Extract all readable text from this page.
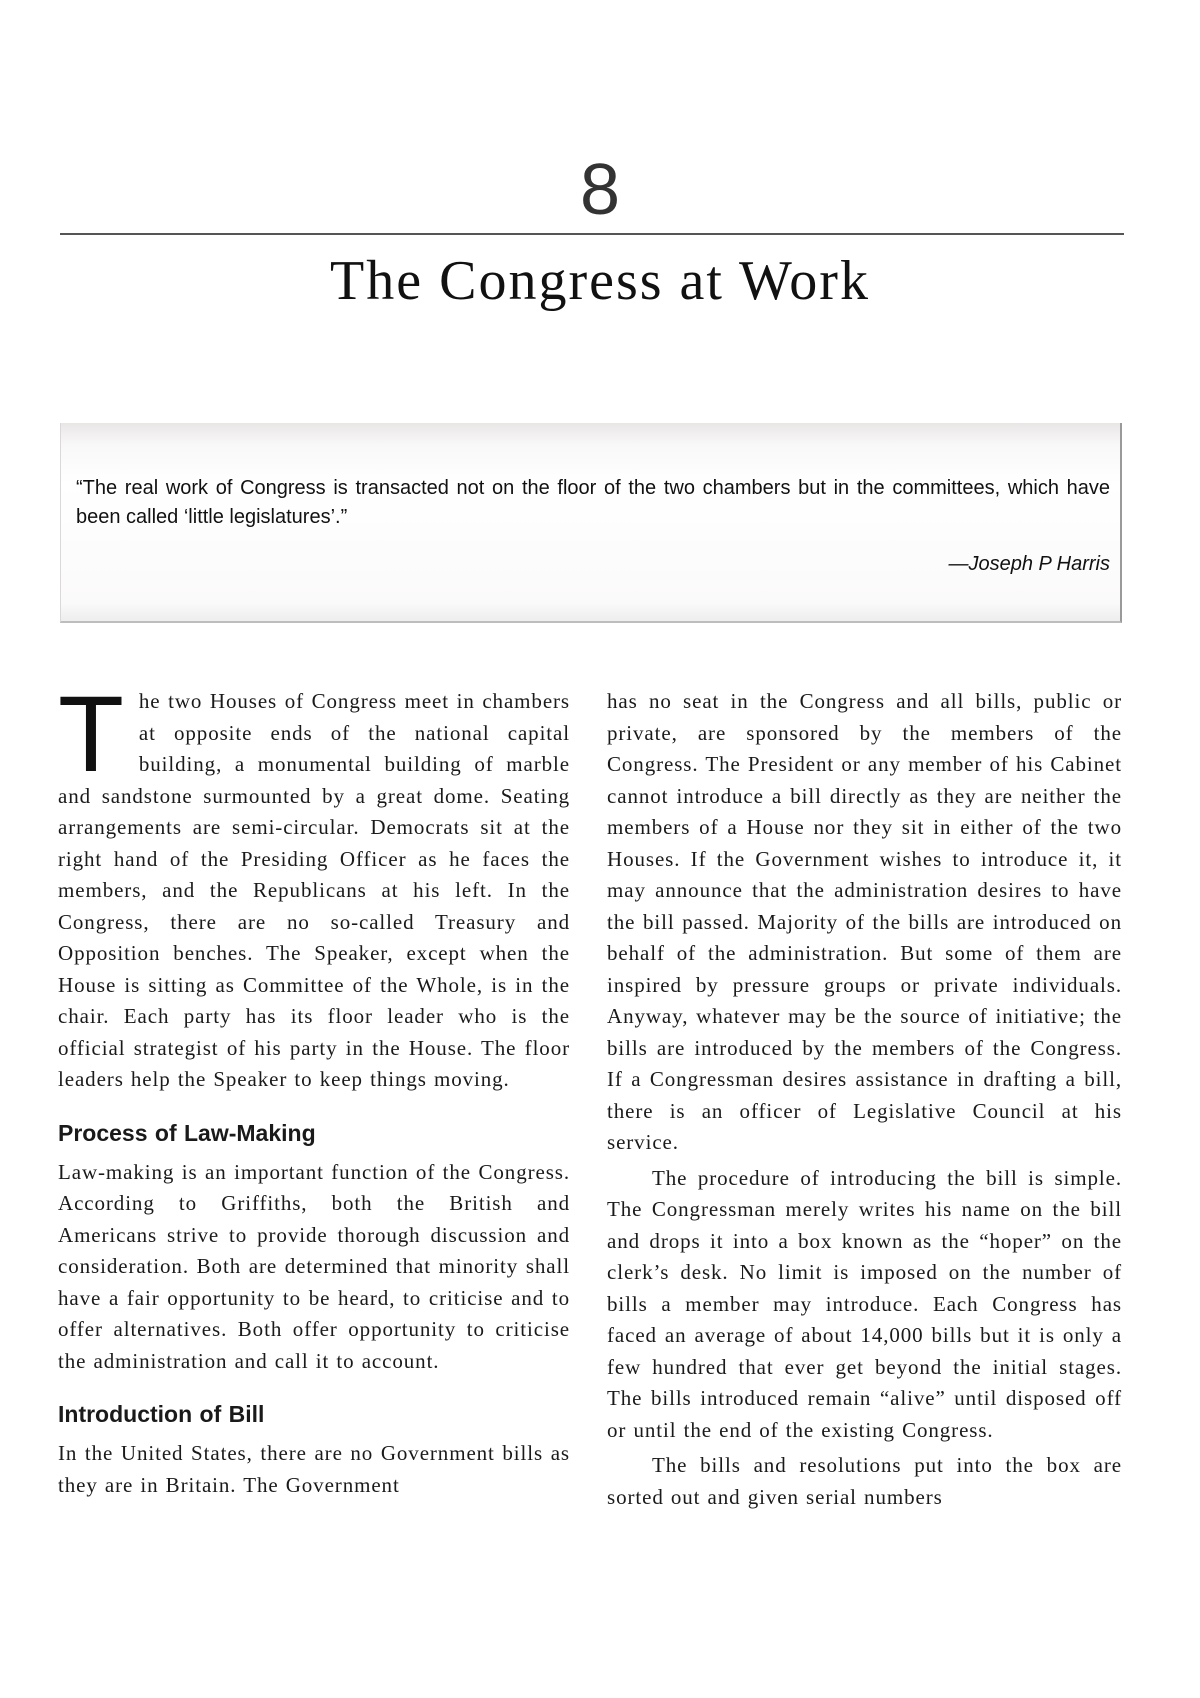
8
The Congress at Work
“The real work of Congress is transacted not on the floor of the two chambers but in the committees, which have been called ‘little legislatures’.”
—Joseph P Harris

The two Houses of Congress meet in chambers at opposite ends of the national capital building, a monumental building of marble and sandstone surmounted by a great dome. Seating arrangements are semi-circular. Democrats sit at the right hand of the Presiding Officer as he faces the members, and the Republicans at his left. In the Congress, there are no so-called Treasury and Opposition benches. The Speaker, except when the House is sitting as Committee of the Whole, is in the chair. Each party has its floor leader who is the official strategist of his party in the House. The floor leaders help the Speaker to keep things moving.

Process of Law-Making

Law-making is an important function of the Congress. According to Griffiths, both the British and Americans strive to provide thorough discussion and consideration. Both are determined that minority shall have a fair opportunity to be heard, to criticise and to offer alternatives. Both offer opportunity to criticise the administration and call it to account.

Introduction of Bill

In the United States, there are no Government bills as they are in Britain. The Government

has no seat in the Congress and all bills, public or private, are sponsored by the members of the Congress. The President or any member of his Cabinet cannot introduce a bill directly as they are neither the members of a House nor they sit in either of the two Houses. If the Government wishes to introduce it, it may announce that the administration desires to have the bill passed. Majority of the bills are introduced on behalf of the administration. But some of them are inspired by pressure groups or private individuals. Anyway, whatever may be the source of initiative; the bills are introduced by the members of the Congress. If a Congressman desires assistance in drafting a bill, there is an officer of Legislative Council at his service.

The procedure of introducing the bill is simple. The Congressman merely writes his name on the bill and drops it into a box known as the “hoper” on the clerk’s desk. No limit is imposed on the number of bills a member may introduce. Each Congress has faced an average of about 14,000 bills but it is only a few hundred that ever get beyond the initial stages. The bills introduced remain “alive” until disposed off or until the end of the existing Congress.

The bills and resolutions put into the box are sorted out and given serial numbers
